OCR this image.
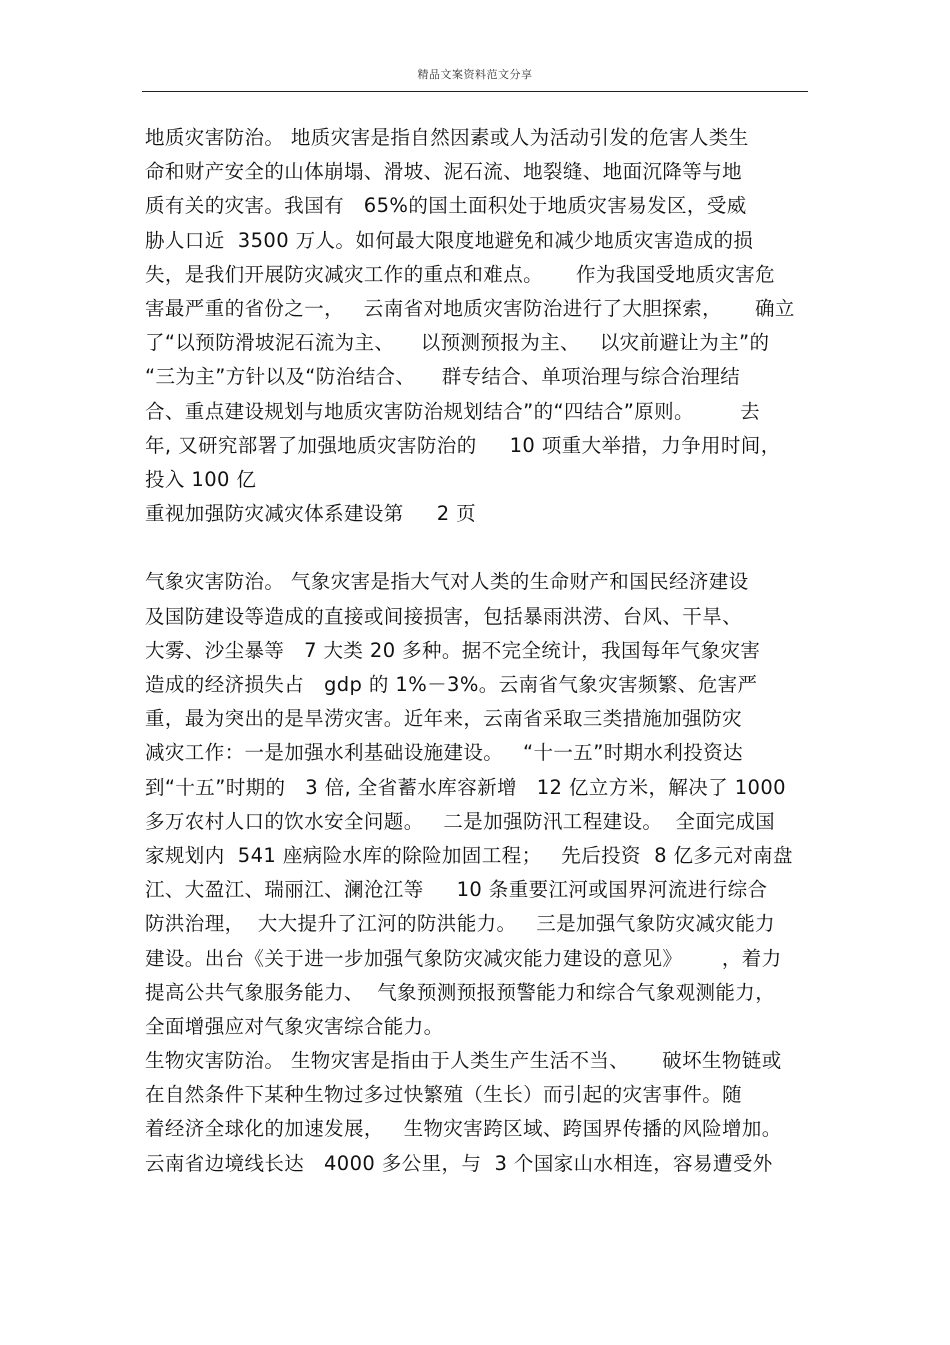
精品文案资料范文分享
地质灾害防治。 地质灾害是指自然因素或人为活动引发的危害人类生
命和财产安全的山体崩塌、滑坡、泥石流、地裂缝、地面沉降等与地
质有关的灾害。我国有   65%的国土面积处于地质灾害易发区，受威
胁人口近  3500 万人。如何最大限度地避免和减少地质灾害造成的损
失，是我们开展防灾减灾工作的重点和难点。     作为我国受地质灾害危
害最严重的省份之一，   云南省对地质灾害防治进行了大胆探索，     确立
了“以预防滑坡泥石流为主、    以预测预报为主、   以灾前避让为主”的
“三为主”方针以及“防治结合、    群专结合、单项治理与综合治理结
合、重点建设规划与地质灾害防治规划结合”的“四结合”原则。       去
年, 又研究部署了加强地质灾害防治的     10 项重大举措，力争用时间，
投入 100 亿
重视加强防灾减灾体系建设第     2 页
气象灾害防治。 气象灾害是指大气对人类的生命财产和国民经济建设
及国防建设等造成的直接或间接损害，包括暴雨洪涝、台风、干旱、
大雾、沙尘暴等   7 大类 20 多种。据不完全统计，我国每年气象灾害
造成的经济损失占   gdp 的 1%－3%。云南省气象灾害频繁、危害严
重，最为突出的是旱涝灾害。近年来，云南省采取三类措施加强防灾
减灾工作：一是加强水利基础设施建设。   “十一五”时期水利投资达
到“十五”时期的   3 倍, 全省蓄水库容新增   12 亿立方米，解决了 1000
多万农村人口的饮水安全问题。   二是加强防汛工程建设。  全面完成国
家规划内  541 座病险水库的除险加固工程；   先后投资  8 亿多元对南盘
江、大盈江、瑞丽江、澜沧江等     10 条重要江河或国界河流进行综合
防洪治理，  大大提升了江河的防洪能力。   三是加强气象防灾减灾能力
建设。出台《关于进一步加强气象防灾减灾能力建设的意见》      ，着力
提高公共气象服务能力、  气象预测预报预警能力和综合气象观测能力，
全面增强应对气象灾害综合能力。
生物灾害防治。 生物灾害是指由于人类生产生活不当、     破坏生物链或
在自然条件下某种生物过多过快繁殖（生长）而引起的灾害事件。随
着经济全球化的加速发展，   生物灾害跨区域、跨国界传播的风险增加。
云南省边境线长达   4000 多公里，与  3 个国家山水相连，容易遭受外
